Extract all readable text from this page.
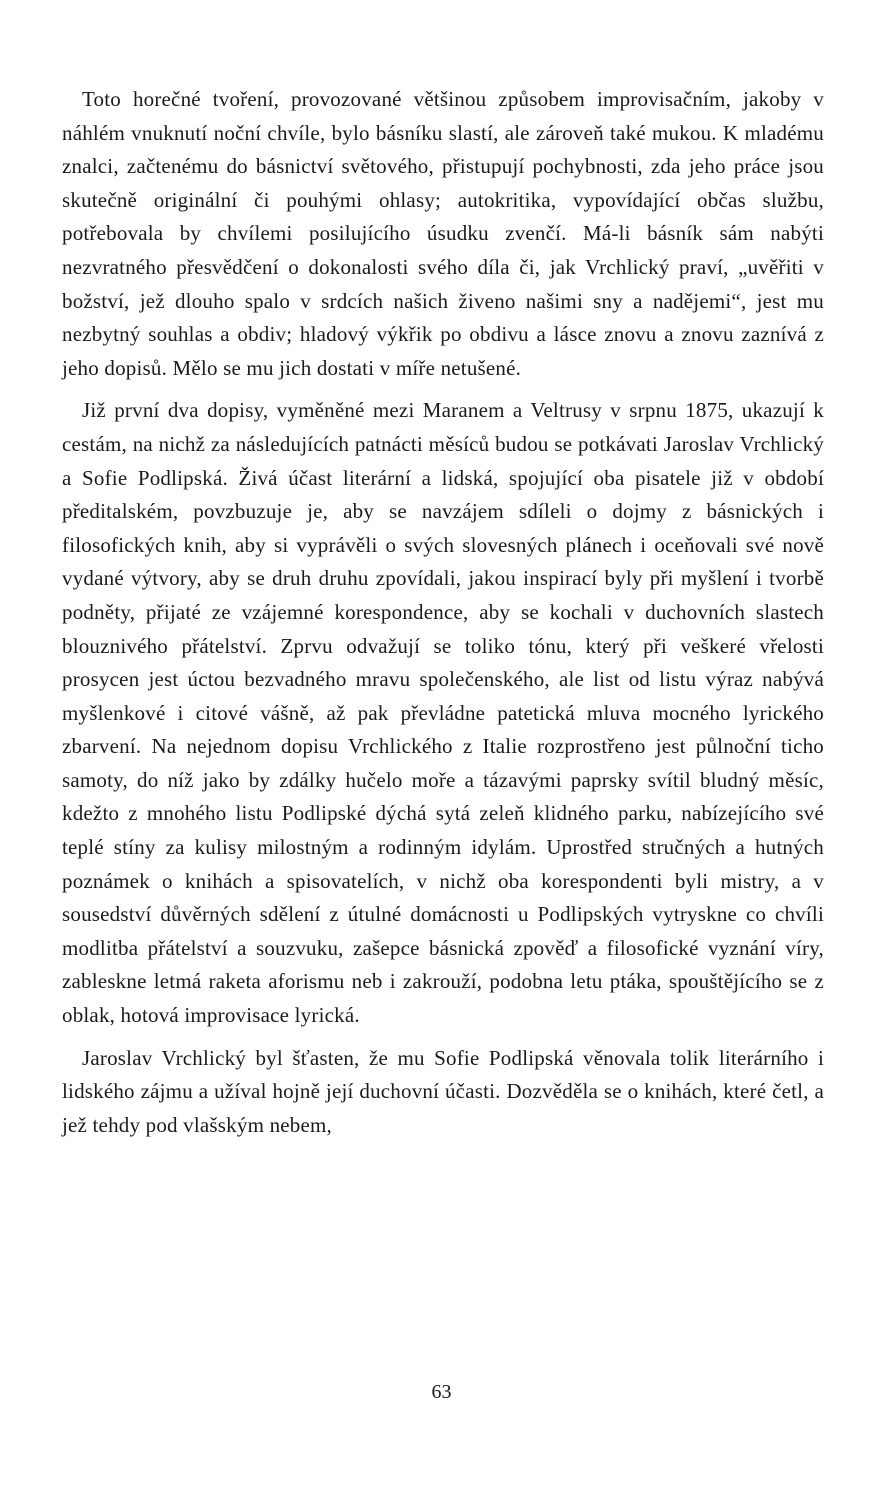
Toto horečné tvoření, provozované většinou způsobem improvisačním, jakoby v náhlém vnuknutí noční chvíle, bylo básníku slastí, ale zároveň také mukou. K mladému znalci, začtenému do básnictví světového, přistupují pochybnosti, zda jeho práce jsou skutečně originální či pouhými ohlasy; autokritika, vypovídající občas službu, potřebovala by chvílemi posilujícího úsudku zvenčí. Má-li básník sám nabýti nezvratného přesvědčení o dokonalosti svého díla či, jak Vrchlický praví, „uvěřiti v božství, jež dlouho spalo v srdcích našich živeno našimi sny a nadějemi“, jest mu nezbytný souhlas a obdiv; hladový výkřik po obdivu a lásce znovu a znovu zaznívá z jeho dopisů. Mělo se mu jich dostati v míře netušené.

Již první dva dopisy, vyměněné mezi Maranem a Veltrusy v srpnu 1875, ukazují k cestám, na nichž za následujících patnácti měsíců budou se potkávati Jaroslav Vrchlický a Sofie Podlipská. Živá účast literární a lidská, spojující oba pisatele již v období předitalském, povzbuzuje je, aby se navzájem sdíleli o dojmy z básnických i filosofických knih, aby si vyprávěli o svých slovesných plánech i oceňovali své nově vydané výtvory, aby se druh druhu zpovídali, jakou inspirací byly při myšlení i tvorbě podněty, přijaté ze vzájemné korespondence, aby se kochali v duchovních slastech blouznivého přátelství. Zprvu odvažují se toliko tónu, který při veškeré vřelosti prosycen jest úctou bezvadného mravu společenského, ale list od listu výraz nabývá myšlenkové i citové vášně, až pak převládne patetická mluva mocného lyrického zbarvení. Na nejednom dopisu Vrchlického z Italie rozprostřeno jest půlnoční ticho samoty, do níž jako by zdálky hučelo moře a tázavými paprsky svítil bludný měsíc, kdežto z mnohého listu Podlipské dýchá sytá zeleň klidného parku, nabízejícího své teplé stíny za kulisy milostným a rodinným idylám. Uprostřed stručných a hutných poznámek o knihách a spisovatelích, v nichž oba korespondenti byli mistry, a v sousedství důvěrných sdělení z útulné domácnosti u Podlipských vytryskne co chvíli modlitba přátelství a souzvuku, zašepce básnická zpověď a filosofické vyznání víry, zableskne letmá raketa aforismu neb i zakrouží, podobna letu ptáka, spouštějícího se z oblak, hotová improvisace lyrická.

Jaroslav Vrchlický byl šťasten, že mu Sofie Podlipská věnovala tolik literárního i lidského zájmu a užíval hojně její duchovní účasti. Dozvěděla se o knihách, které četl, a jež tehdy pod vlašským nebem,

63
